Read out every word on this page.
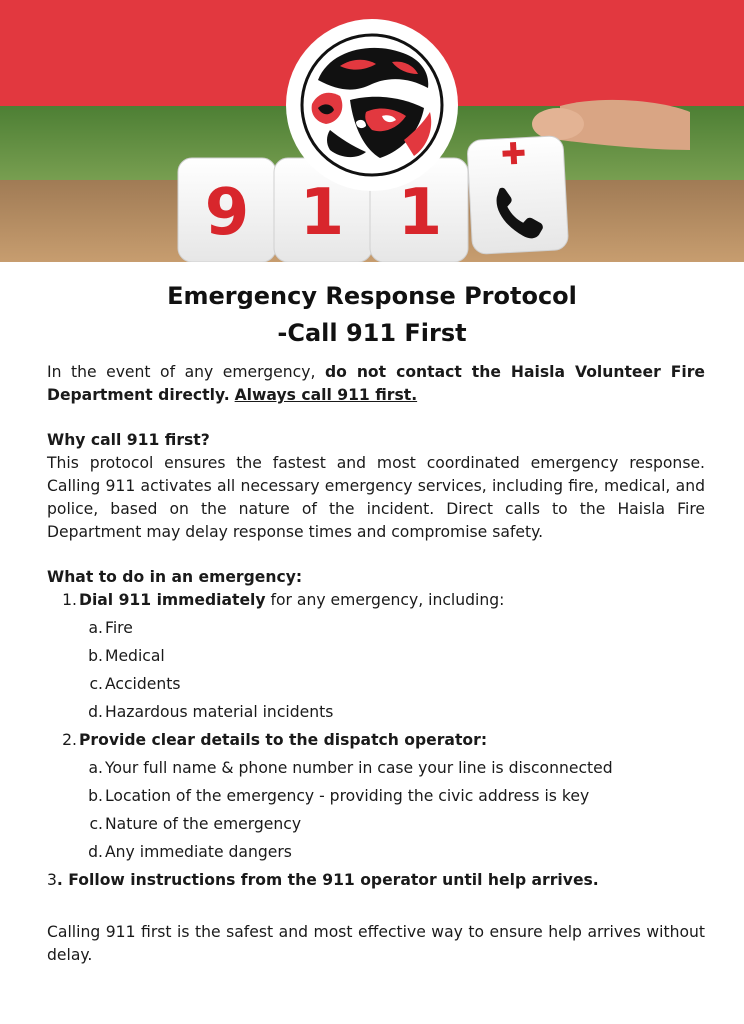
9 1 1
Emergency Response Protocol
-Call 911 First

In the event of any emergency, do not contact the Haisla Volunteer Fire Department directly. Always call 911 first.

Why call 911 first?

This protocol ensures the fastest and most coordinated emergency response. Calling 911 activates all necessary emergency services, including fire, medical, and police, based on the nature of the incident. Direct calls to the Haisla Fire Department may delay response times and compromise safety.

What to do in an emergency:
1. Dial 911 immediately for any emergency, including:
a. Fire
b. Medical
c. Accidents
d. Hazardous material incidents
2. Provide clear details to the dispatch operator:
a. Your full name & phone number in case your line is disconnected
b. Location of the emergency - providing the civic address is key
c. Nature of the emergency
d. Any immediate dangers
3. Follow instructions from the 911 operator until help arrives.

Calling 911 first is the safest and most effective way to ensure help arrives without delay.
